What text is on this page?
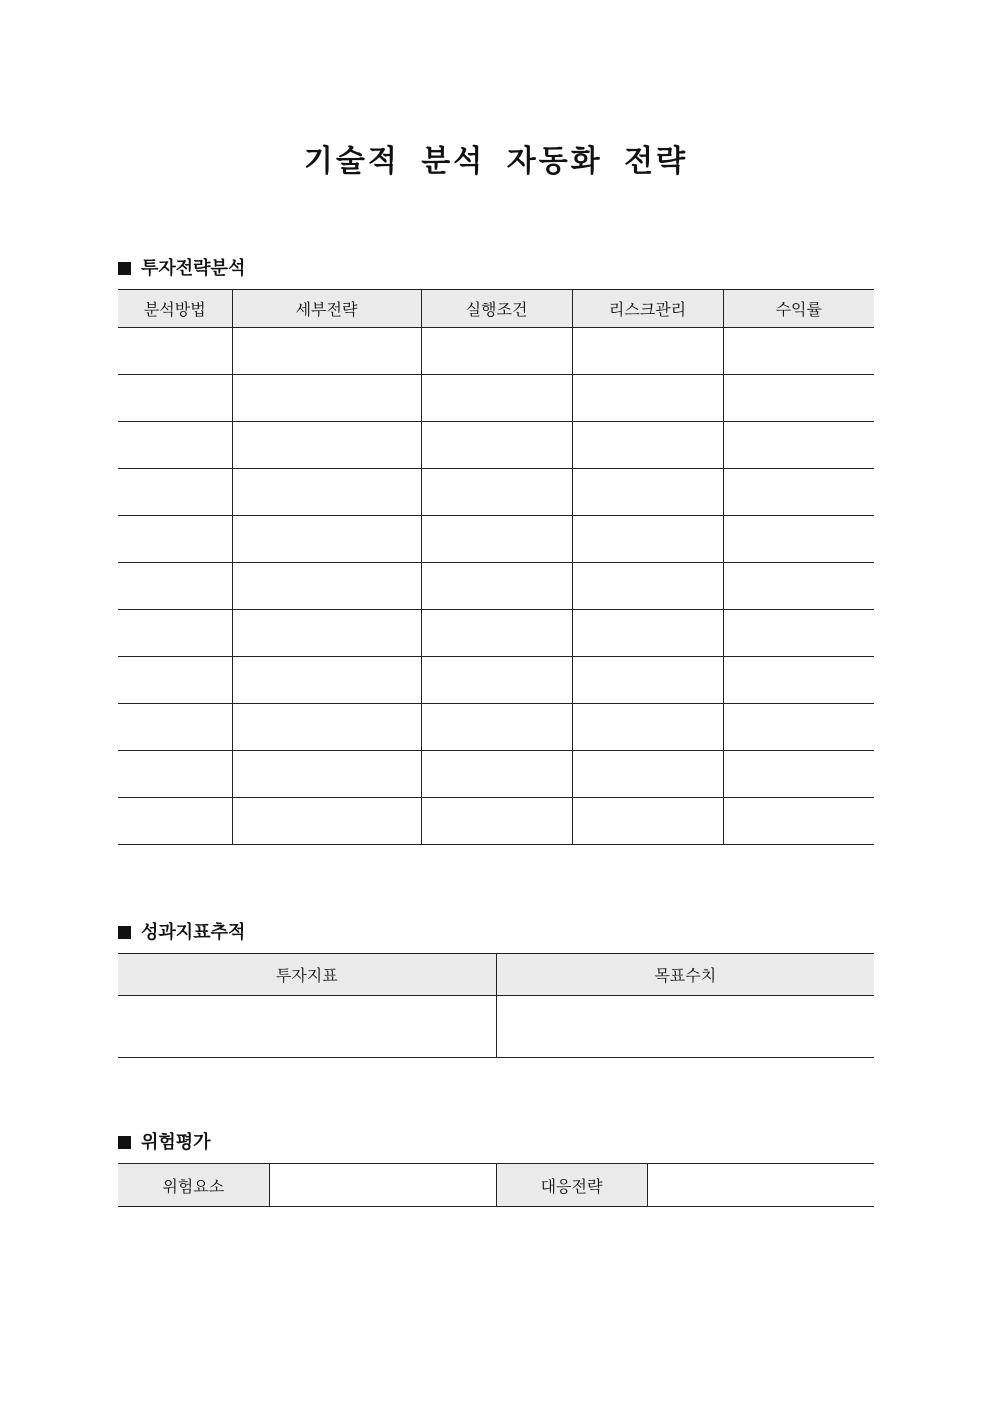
기술적 분석 자동화 전략
투자전략분석
분석방법	세부전략	실행조건	리스크관리	수익률

성과지표추적
투자지표	목표수치

위험평가
위험요소		대응전략	
